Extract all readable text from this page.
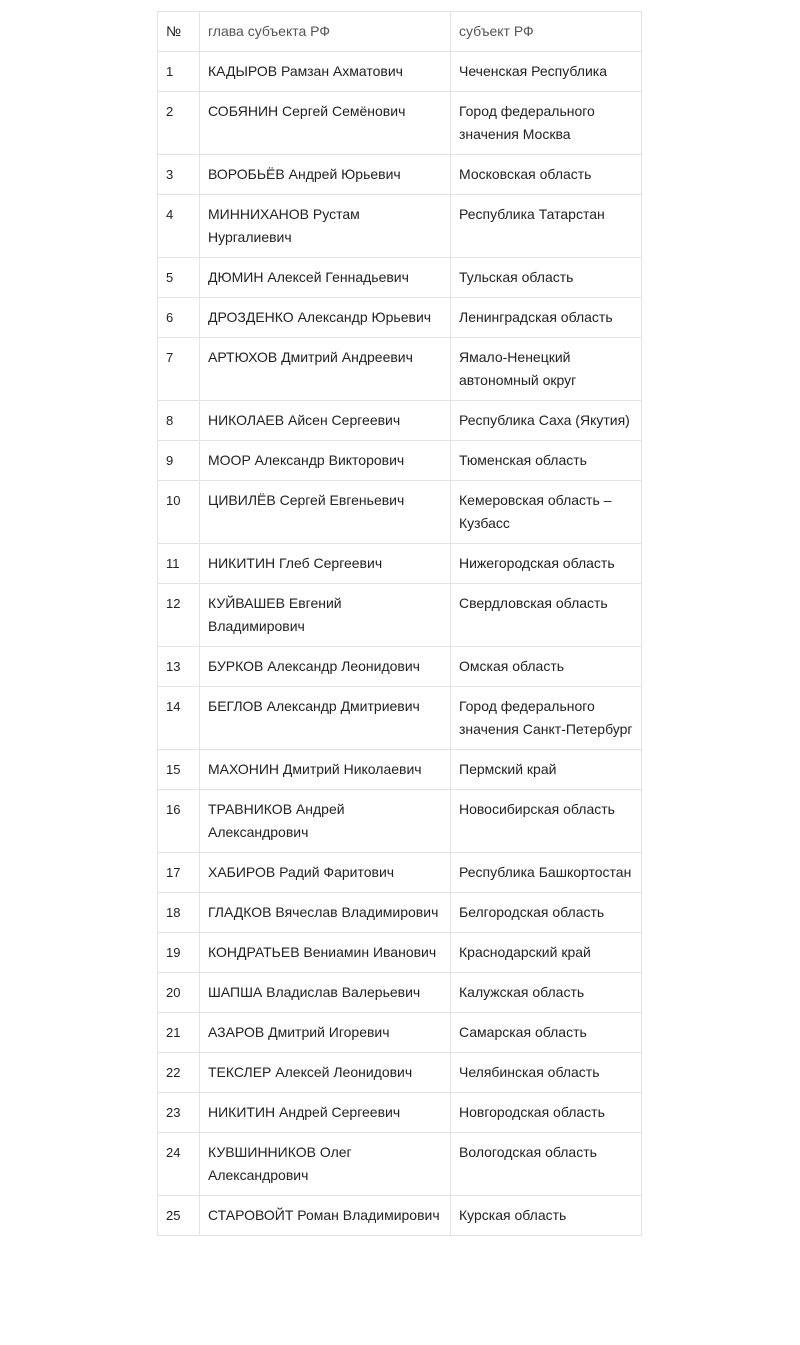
№	глава субъекта РФ	субъект РФ
1	КАДЫРОВ Рамзан Ахматович	Чеченская Республика
2	СОБЯНИН Сергей Семёнович	Город федерального значения Москва
3	ВОРОБЬЁВ Андрей Юрьевич	Московская область
4	МИННИХАНОВ Рустам Нургалиевич	Республика Татарстан
5	ДЮМИН Алексей Геннадьевич	Тульская область
6	ДРОЗДЕНКО Александр Юрьевич	Ленинградская область
7	АРТЮХОВ Дмитрий Андреевич	Ямало-Ненецкий автономный округ
8	НИКОЛАЕВ Айсен Сергеевич	Республика Саха (Якутия)
9	МООР Александр Викторович	Тюменская область
10	ЦИВИЛЁВ Сергей Евгеньевич	Кемеровская область – Кузбасс
11	НИКИТИН Глеб Сергеевич	Нижегородская область
12	КУЙВАШЕВ Евгений Владимирович	Свердловская область
13	БУРКОВ Александр Леонидович	Омская область
14	БЕГЛОВ Александр Дмитриевич	Город федерального значения Санкт-Петербург
15	МАХОНИН Дмитрий Николаевич	Пермский край
16	ТРАВНИКОВ Андрей Александрович	Новосибирская область
17	ХАБИРОВ Радий Фаритович	Республика Башкортостан
18	ГЛАДКОВ Вячеслав Владимирович	Белгородская область
19	КОНДРАТЬЕВ Вениамин Иванович	Краснодарский край
20	ШАПША Владислав Валерьевич	Калужская область
21	АЗАРОВ Дмитрий Игоревич	Самарская область
22	ТЕКСЛЕР Алексей Леонидович	Челябинская область
23	НИКИТИН Андрей Сергеевич	Новгородская область
24	КУВШИННИКОВ Олег Александрович	Вологодская область
25	СТАРОВОЙТ Роман Владимирович	Курская область
